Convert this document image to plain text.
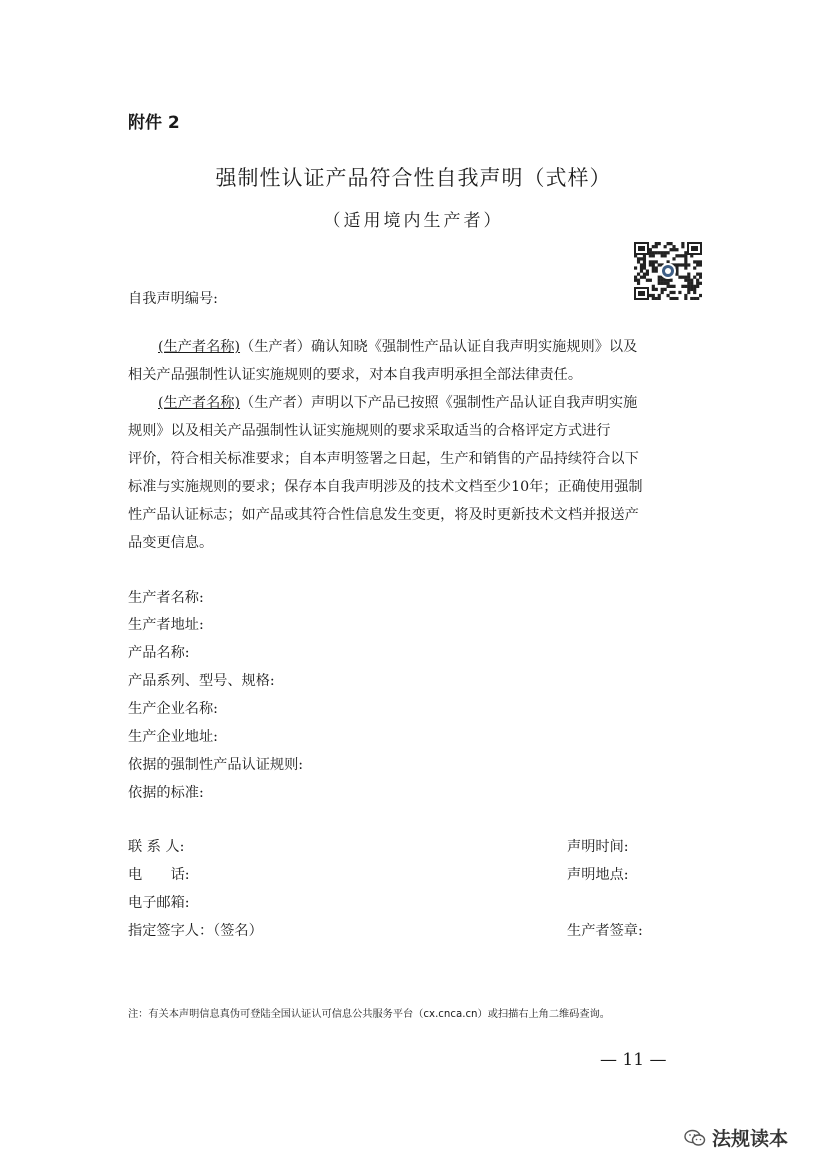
附件 2
强制性认证产品符合性自我声明（式样）
（适用境内生产者）
自我声明编号:
(生产者名称)（生产者）确认知晓《强制性产品认证自我声明实施规则》以及
相关产品强制性认证实施规则的要求，对本自我声明承担全部法律责任。
(生产者名称)（生产者）声明以下产品已按照《强制性产品认证自我声明实施
规则》以及相关产品强制性认证实施规则的要求采取适当的合格评定方式进行
评价，符合相关标准要求；自本声明签署之日起，生产和销售的产品持续符合以下
标准与实施规则的要求；保存本自我声明涉及的技术文档至少10年；正确使用强制
性产品认证标志；如产品或其符合性信息发生变更，将及时更新技术文档并报送产
品变更信息。
生产者名称:
生产者地址:
产品名称:
产品系列、型号、规格:
生产企业名称:
生产企业地址:
依据的强制性产品认证规则:
依据的标准:
联 系 人:
电　　话:
电子邮箱:
指定签字人：（签名）
声明时间:
声明地点:
生产者签章:
注：有关本声明信息真伪可登陆全国认证认可信息公共服务平台（cx.cnca.cn）或扫描右上角二维码查询。
— 11 —
法规读本
